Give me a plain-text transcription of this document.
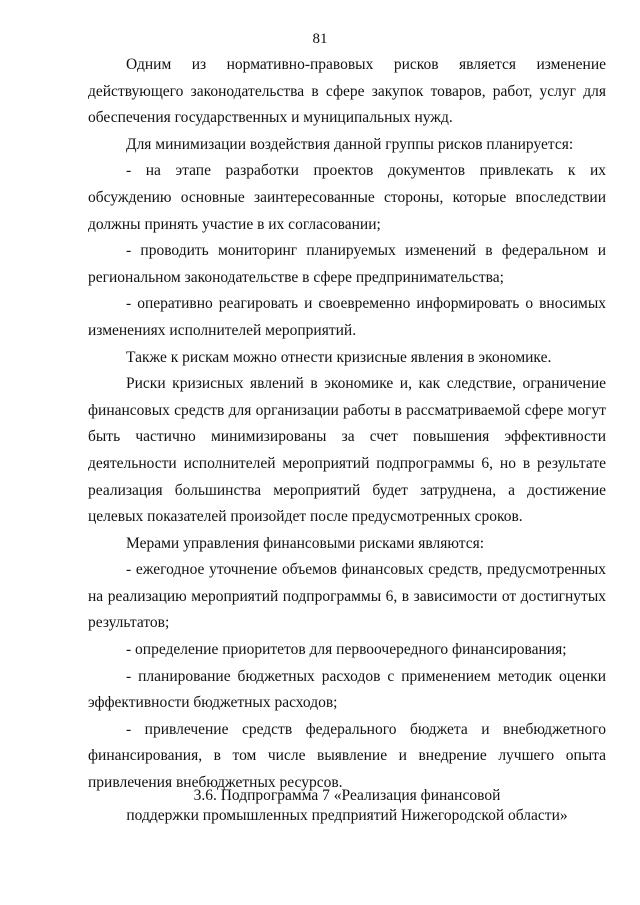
81

Одним из нормативно-правовых рисков является изменение действующего законодательства в сфере закупок товаров, работ, услуг для обеспечения государственных и муниципальных нужд.

Для минимизации воздействия данной группы рисков планируется:

- на этапе разработки проектов документов привлекать к их обсуждению основные заинтересованные стороны, которые впоследствии должны принять участие в их согласовании;

- проводить мониторинг планируемых изменений в федеральном и региональном законодательстве в сфере предпринимательства;

- оперативно реагировать и своевременно информировать о вносимых изменениях исполнителей мероприятий.

Также к рискам можно отнести кризисные явления в экономике.

Риски кризисных явлений в экономике и, как следствие, ограничение финансовых средств для организации работы в рассматриваемой сфере могут быть частично минимизированы за счет повышения эффективности деятельности исполнителей мероприятий подпрограммы 6, но в результате реализация большинства мероприятий будет затруднена, а достижение целевых показателей произойдет после предусмотренных сроков.

Мерами управления финансовыми рисками являются:

- ежегодное уточнение объемов финансовых средств, предусмотренных на реализацию мероприятий подпрограммы 6, в зависимости от достигнутых результатов;

- определение приоритетов для первоочередного финансирования;

- планирование бюджетных расходов с применением методик оценки эффективности бюджетных расходов;

- привлечение средств федерального бюджета и внебюджетного финансирования, в том числе выявление и внедрение лучшего опыта привлечения внебюджетных ресурсов.

3.6. Подпрограмма 7 «Реализация финансовой
поддержки промышленных предприятий Нижегородской области»
